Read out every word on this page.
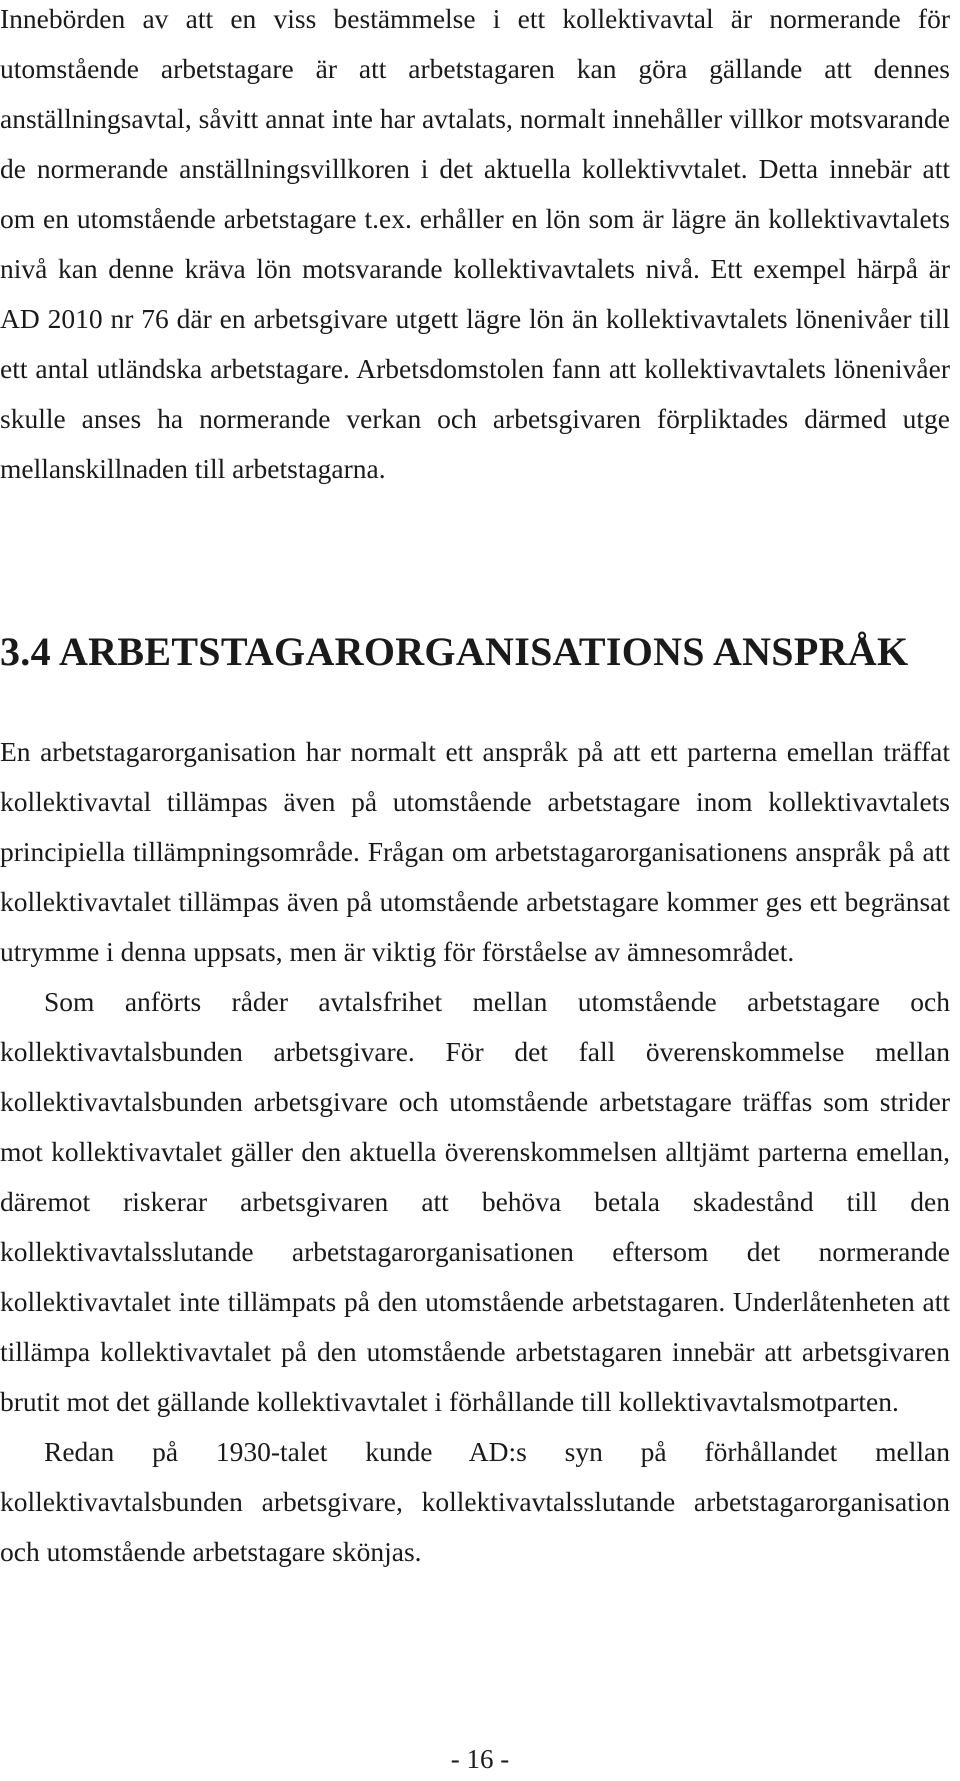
Innebörden av att en viss bestämmelse i ett kollektivavtal är normerande för utomstående arbetstagare är att arbetstagaren kan göra gällande att dennes anställningsavtal, såvitt annat inte har avtalats, normalt innehåller villkor motsvarande de normerande anställningsvillkoren i det aktuella kollektivvtalet. Detta innebär att om en utomstående arbetstagare t.ex. erhåller en lön som är lägre än kollektivavtalets nivå kan denne kräva lön motsvarande kollektivavtalets nivå. Ett exempel härpå är AD 2010 nr 76 där en arbetsgivare utgett lägre lön än kollektivavtalets lönenivåer till ett antal utländska arbetstagare. Arbetsdomstolen fann att kollektivavtalets lönenivåer skulle anses ha normerande verkan och arbetsgivaren förpliktades därmed utge mellanskillnaden till arbetstagarna.

3.4 ARBETSTAGARORGANISATIONS ANSPRÅK

En arbetstagarorganisation har normalt ett anspråk på att ett parterna emellan träffat kollektivavtal tillämpas även på utomstående arbetstagare inom kollektivavtalets principiella tillämpningsområde. Frågan om arbetstagarorganisationens anspråk på att kollektivavtalet tillämpas även på utomstående arbetstagare kommer ges ett begränsat utrymme i denna uppsats, men är viktig för förståelse av ämnesområdet.

Som anförts råder avtalsfrihet mellan utomstående arbetstagare och kollektivavtalsbunden arbetsgivare. För det fall överenskommelse mellan kollektivavtalsbunden arbetsgivare och utomstående arbetstagare träffas som strider mot kollektivavtalet gäller den aktuella överenskommelsen alltjämt parterna emellan, däremot riskerar arbetsgivaren att behöva betala skadestånd till den kollektivavtalsslutande arbetstagarorganisationen eftersom det normerande kollektivavtalet inte tillämpats på den utomstående arbetstagaren. Underlåtenheten att tillämpa kollektivavtalet på den utomstående arbetstagaren innebär att arbetsgivaren brutit mot det gällande kollektivavtalet i förhållande till kollektivavtalsmotparten.

Redan på 1930-talet kunde AD:s syn på förhållandet mellan kollektivavtalsbunden arbetsgivare, kollektivavtalsslutande arbetstagarorganisation och utomstående arbetstagare skönjas.

- 16 -
